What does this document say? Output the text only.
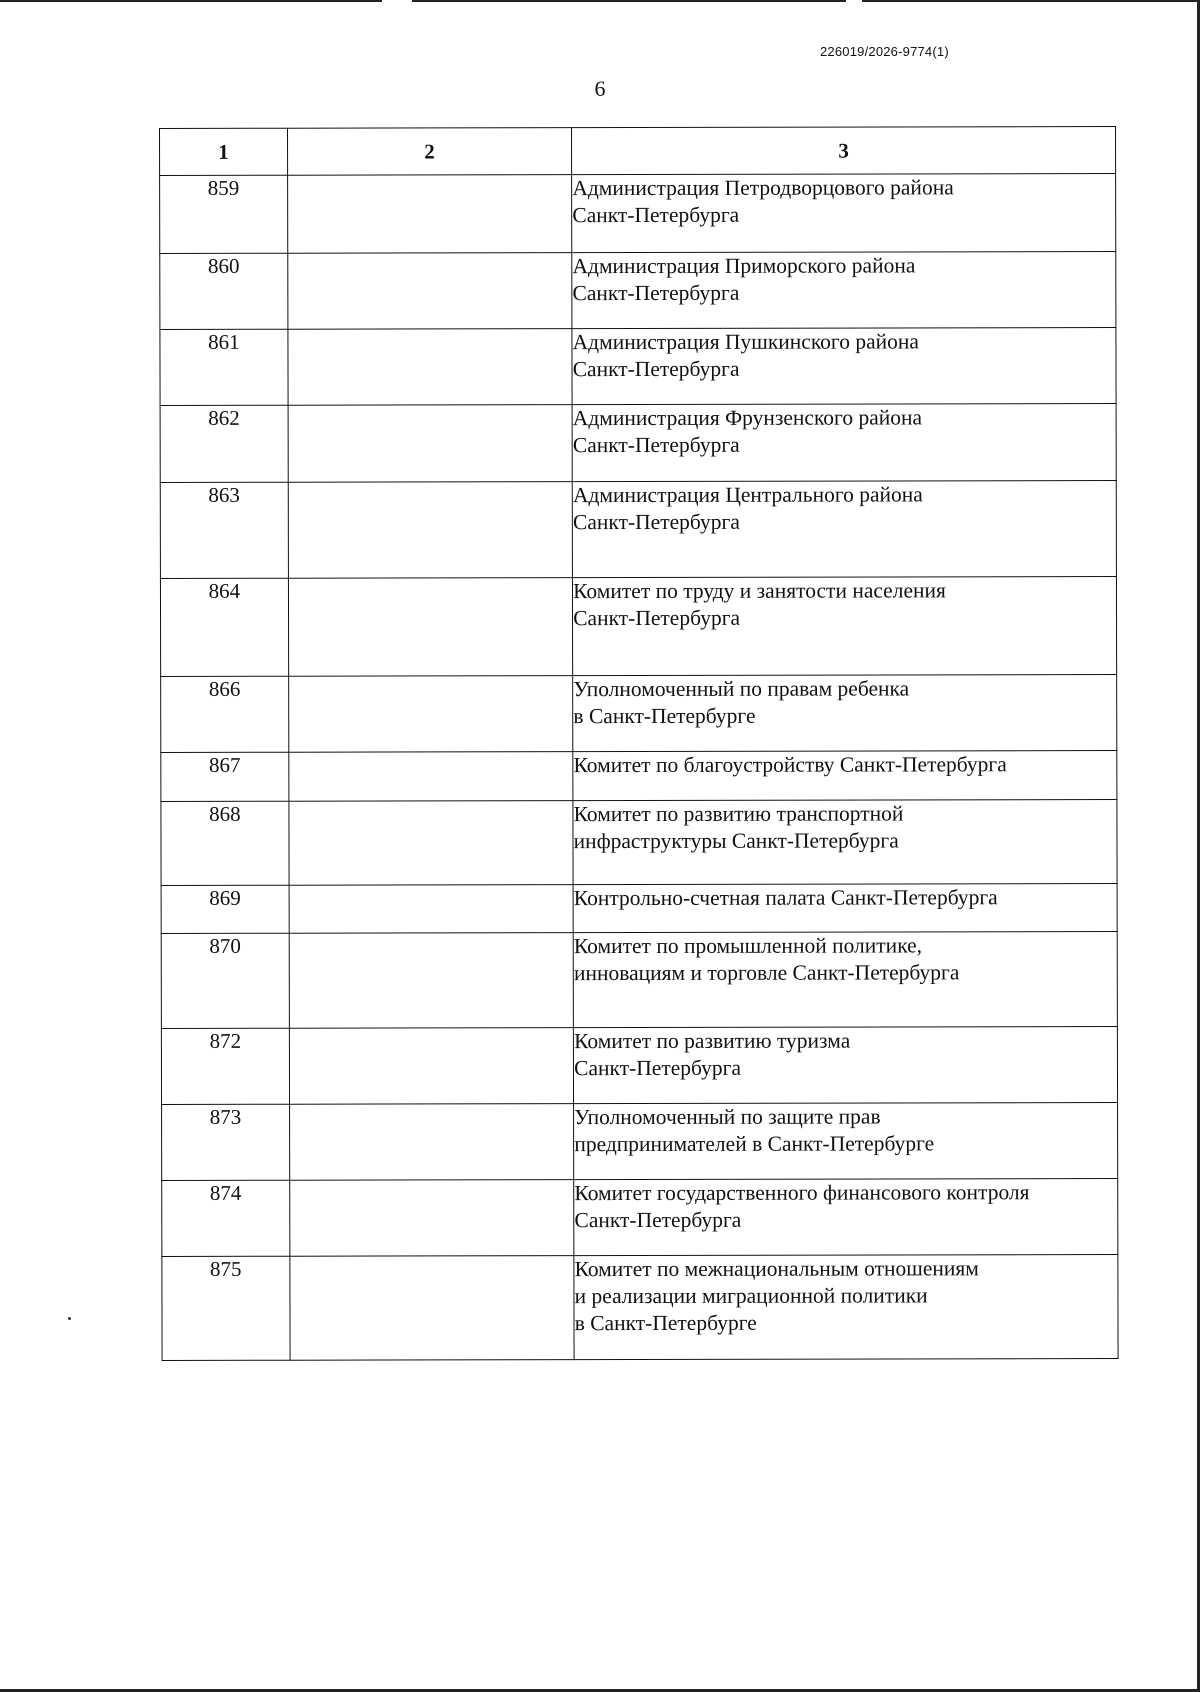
226019/2026-9774(1)
6
1	2	3
859		Администрация Петродворцового района
Санкт-Петербурга

860		Администрация Приморского района
Санкт-Петербурга

861		Администрация Пушкинского района
Санкт-Петербурга

862		Администрация Фрунзенского района
Санкт-Петербурга

863		Администрация Центрального района
Санкт-Петербурга

864		Комитет по труду и занятости населения
Санкт-Петербурга

866		Уполномоченный по правам ребенка
в Санкт-Петербурге

867		Комитет по благоустройству Санкт-Петербурга

868		Комитет по развитию транспортной
инфраструктуры Санкт-Петербурга

869		Контрольно-счетная палата Санкт-Петербурга

870		Комитет по промышленной политике,
инновациям и торговле Санкт-Петербурга

872		Комитет по развитию туризма
Санкт-Петербурга

873		Уполномоченный по защите прав
предпринимателей в Санкт-Петербурге

874		Комитет государственного финансового контроля
Санкт-Петербурга

875		Комитет по межнациональным отношениям
и реализации миграционной политики
в Санкт-Петербурге
